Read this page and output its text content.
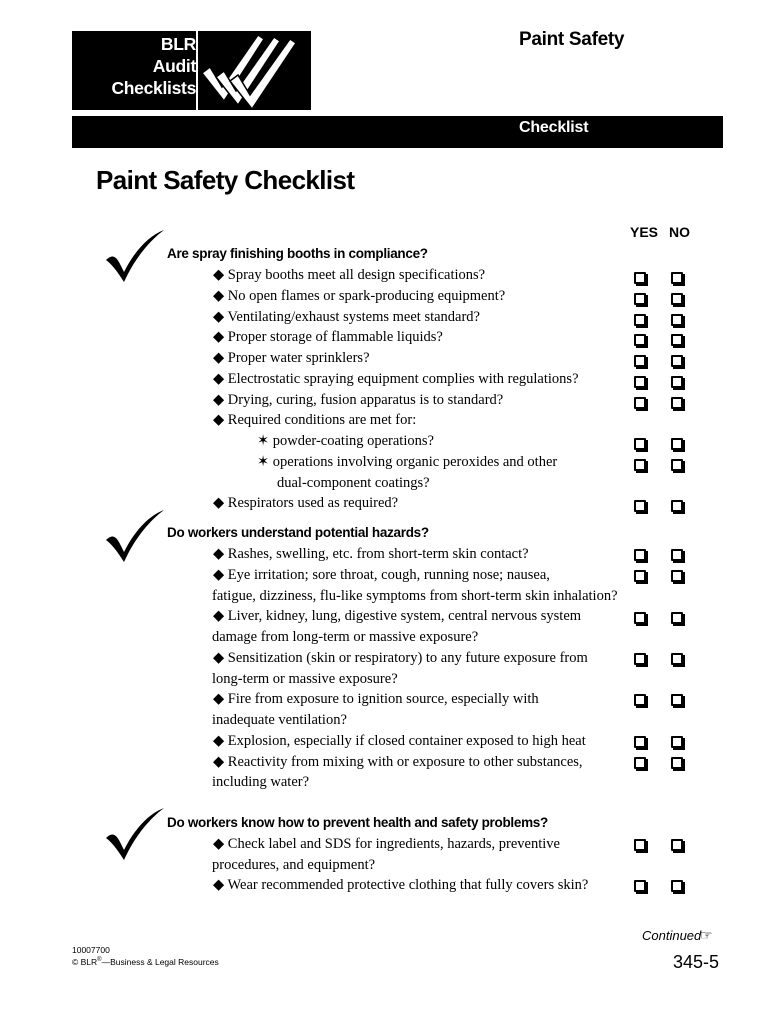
BLR
Audit
Checklists
Paint Safety
Checklist
Paint Safety Checklist
YES NO
Are spray finishing booths in compliance?
◆ Spray booths meet all design specifications?
◆ No open flames or spark-producing equipment?
◆ Ventilating/exhaust systems meet standard?
◆ Proper storage of flammable liquids?
◆ Proper water sprinklers?
◆ Electrostatic spraying equipment complies with regulations?
◆ Drying, curing, fusion apparatus is to standard?
◆ Required conditions are met for:
✶ powder-coating operations?
✶ operations involving organic peroxides and other
dual-component coatings?
◆ Respirators used as required?
Do workers understand potential hazards?
◆ Rashes, swelling, etc. from short-term skin contact?
◆ Eye irritation; sore throat, cough, running nose; nausea,
fatigue, dizziness, flu-like symptoms from short-term skin inhalation?
◆ Liver, kidney, lung, digestive system, central nervous system
damage from long-term or massive exposure?
◆ Sensitization (skin or respiratory) to any future exposure from
long-term or massive exposure?
◆ Fire from exposure to ignition source, especially with
inadequate ventilation?
◆ Explosion, especially if closed container exposed to high heat
◆ Reactivity from mixing with or exposure to other substances,
including water?
Do workers know how to prevent health and safety problems?
◆ Check label and SDS for ingredients, hazards, preventive
procedures, and equipment?
◆ Wear recommended protective clothing that fully covers skin?
10007700
© BLR®—Business & Legal Resources
Continued
☞
345-5
